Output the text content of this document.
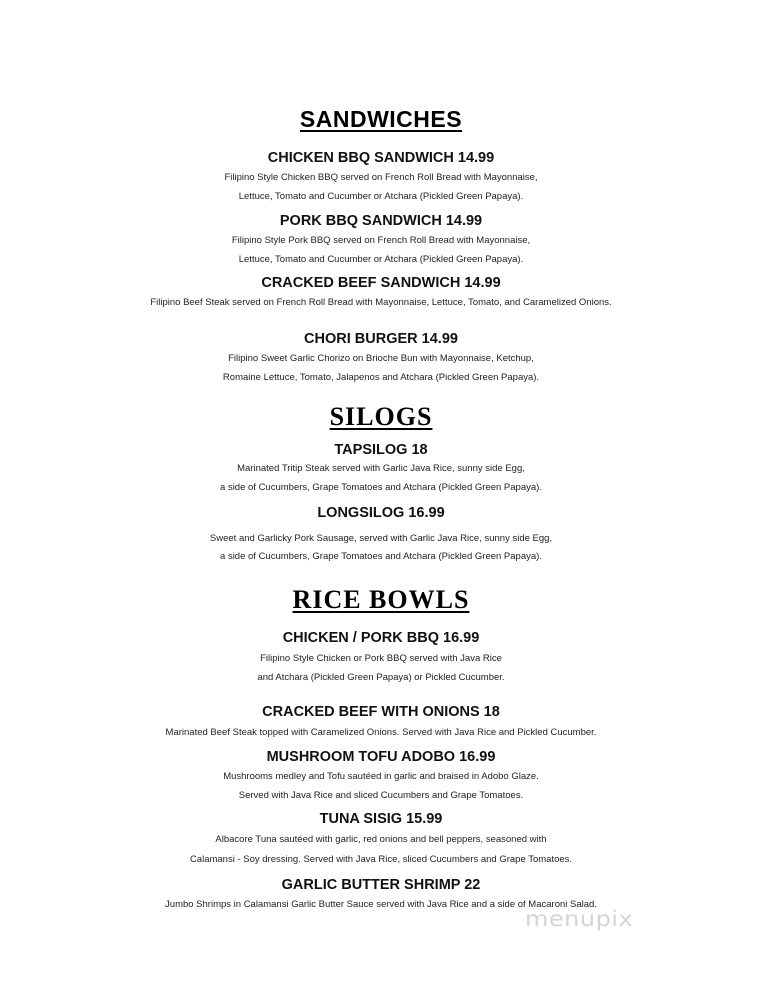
SANDWICHES

CHICKEN BBQ SANDWICH 14.99

Filipino Style Chicken BBQ served on French Roll Bread with Mayonnaise,

Lettuce, Tomato and Cucumber or Atchara (Pickled Green Papaya).

PORK BBQ SANDWICH 14.99

Filipino Style Pork BBQ served on French Roll Bread with Mayonnaise,

Lettuce, Tomato and Cucumber or Atchara (Pickled Green Papaya).

CRACKED BEEF SANDWICH 14.99

Filipino Beef Steak served on French Roll Bread with Mayonnaise, Lettuce, Tomato, and Caramelized Onions.

CHORI BURGER 14.99

Filipino Sweet Garlic Chorizo on Brioche Bun with Mayonnaise, Ketchup,

Romaine Lettuce, Tomato, Jalapenos and Atchara (Pickled Green Papaya).

SILOGS

TAPSILOG 18

Marinated Tritip Steak served with Garlic Java Rice, sunny side Egg,

a side of Cucumbers, Grape Tomatoes and Atchara (Pickled Green Papaya).

LONGSILOG 16.99

Sweet and Garlicky Pork Sausage, served with Garlic Java Rice, sunny side Egg,

a side of Cucumbers, Grape Tomatoes and Atchara (Pickled Green Papaya).

RICE BOWLS

CHICKEN / PORK BBQ 16.99

Filipino Style Chicken or Pork BBQ served with Java Rice

and Atchara (Pickled Green Papaya) or Pickled Cucumber.

CRACKED BEEF WITH ONIONS 18

Marinated Beef Steak topped with Caramelized Onions. Served with Java Rice and Pickled Cucumber.

MUSHROOM TOFU ADOBO 16.99

Mushrooms medley and Tofu sautéed in garlic and braised in Adobo Glaze.

Served with Java Rice and sliced Cucumbers and Grape Tomatoes.

TUNA SISIG 15.99

Albacore Tuna sautéed with garlic, red onions and bell peppers, seasoned with

Calamansi - Soy dressing. Served with Java Rice, sliced Cucumbers and Grape Tomatoes.

GARLIC BUTTER SHRIMP 22

Jumbo Shrimps in Calamansi Garlic Butter Sauce served with Java Rice and a side of Macaroni Salad.

menupix
